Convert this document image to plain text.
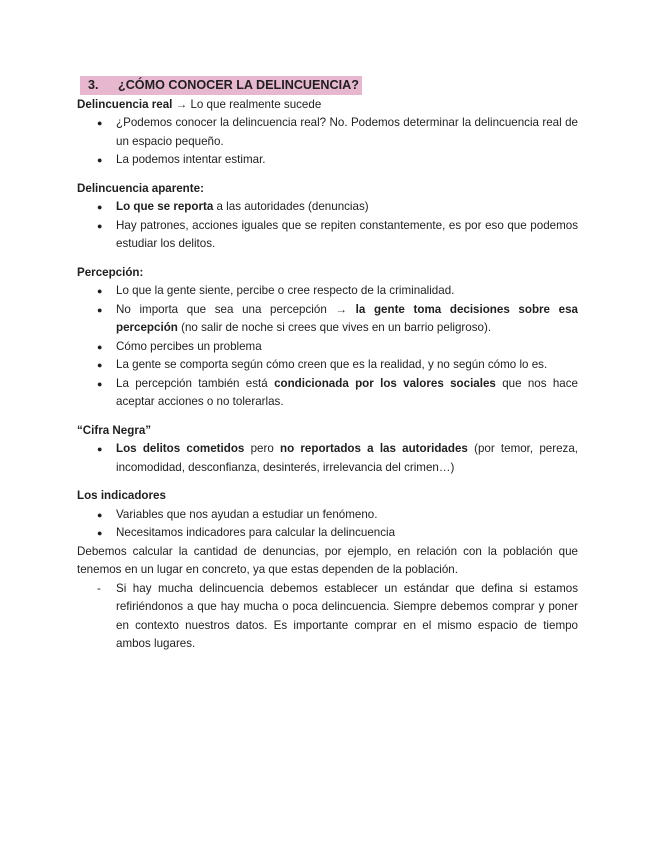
3. ¿CÓMO CONOCER LA DELINCUENCIA?
Delincuencia real → Lo que realmente sucede
● ¿Podemos conocer la delincuencia real? No. Podemos determinar la delincuencia real de un espacio pequeño.
● La podemos intentar estimar.
Delincuencia aparente:
● Lo que se reporta a las autoridades (denuncias)
● Hay patrones, acciones iguales que se repiten constantemente, es por eso que podemos estudiar los delitos.
Percepción:
● Lo que la gente siente, percibe o cree respecto de la criminalidad.
● No importa que sea una percepción → la gente toma decisiones sobre esa percepción (no salir de noche si crees que vives en un barrio peligroso).
● Cómo percibes un problema
● La gente se comporta según cómo creen que es la realidad, y no según cómo lo es.
● La percepción también está condicionada por los valores sociales que nos hace aceptar acciones o no tolerarlas.
“Cifra Negra”
● Los delitos cometidos pero no reportados a las autoridades (por temor, pereza, incomodidad, desconfianza, desinterés, irrelevancia del crimen…)
Los indicadores
● Variables que nos ayudan a estudiar un fenómeno.
● Necesitamos indicadores para calcular la delincuencia

Debemos calcular la cantidad de denuncias, por ejemplo, en relación con la población que tenemos en un lugar en concreto, ya que estas dependen de la población.

- Si hay mucha delincuencia debemos establecer un estándar que defina si estamos refiriéndonos a que hay mucha o poca delincuencia. Siempre debemos comprar y poner en contexto nuestros datos. Es importante comprar en el mismo espacio de tiempo ambos lugares.
